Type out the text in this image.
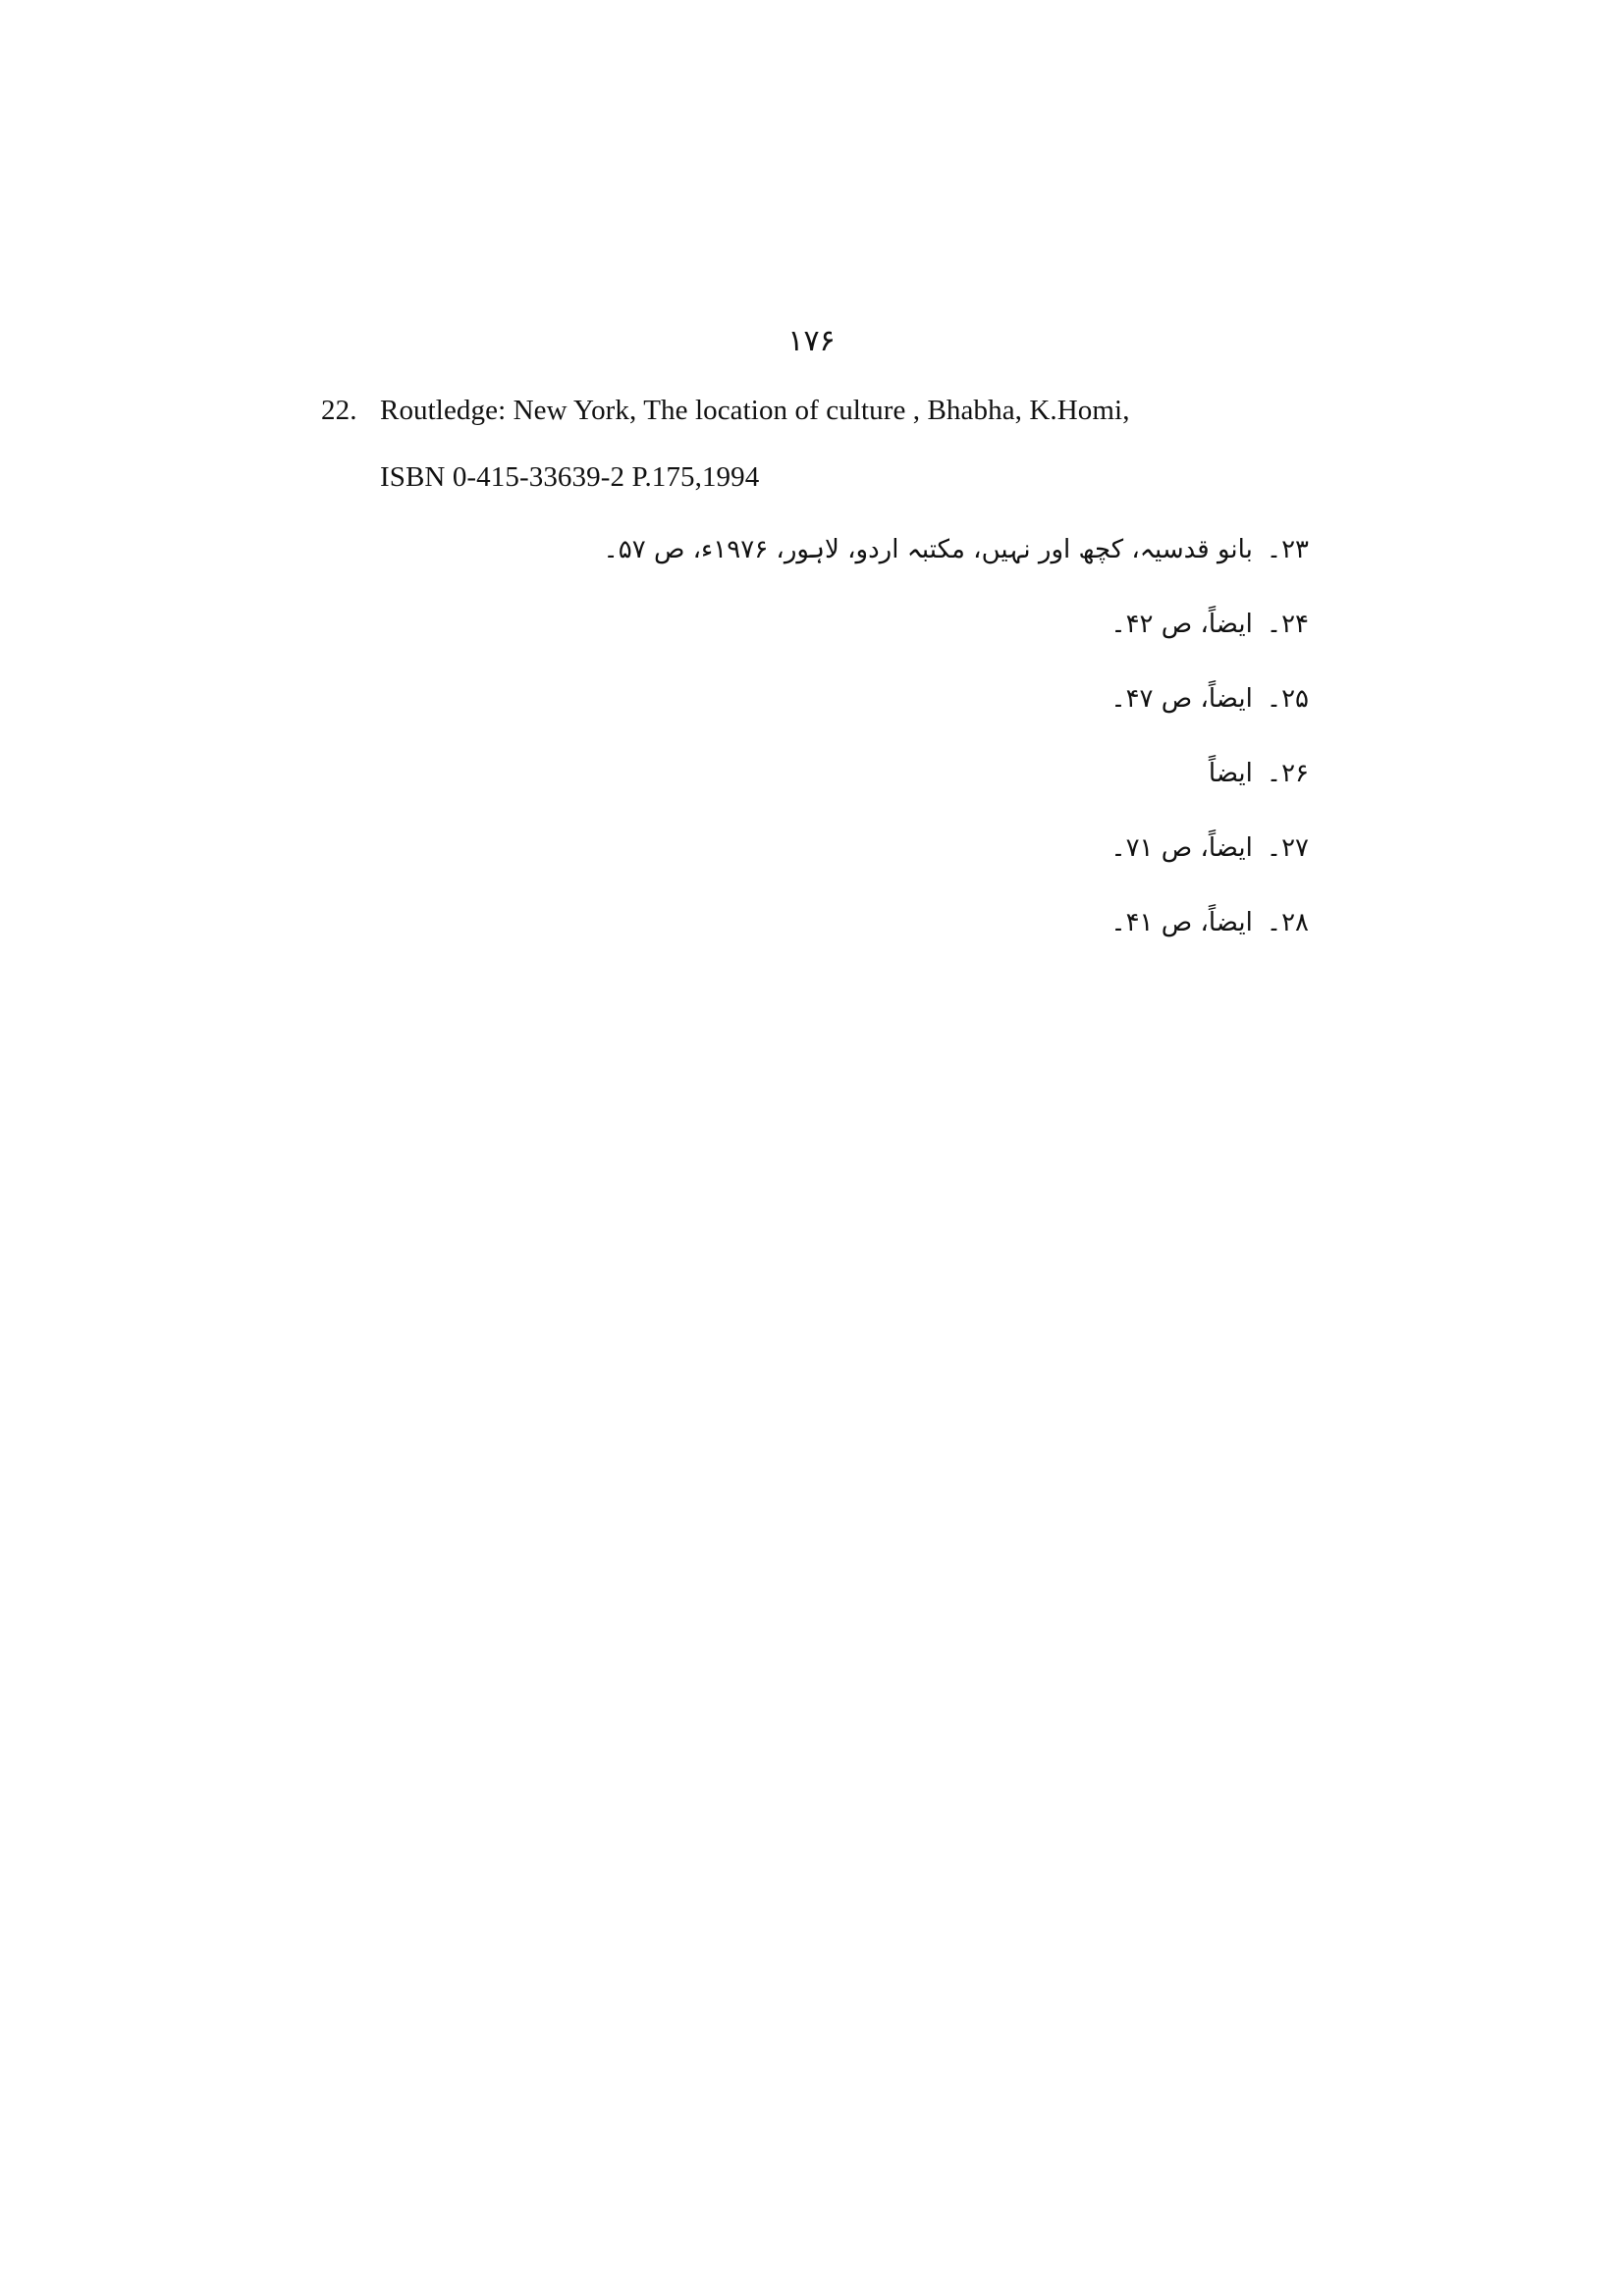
۱۷۶
22. Routledge: New York, The location of culture , Bhabha, K.Homi,
ISBN 0-415-33639-2 P.175,1994
۲۳۔بانو قدسیہ، کچھ اور نہیں، مکتبہ اردو، لاہور، ۱۹۷۶ء، ص ۵۷۔
۲۴۔ایضاً، ص ۴۲۔
۲۵۔ایضاً، ص ۴۷۔
۲۶۔ایضاً
۲۷۔ایضاً، ص ۷۱۔
۲۸۔ایضاً، ص ۴۱۔
